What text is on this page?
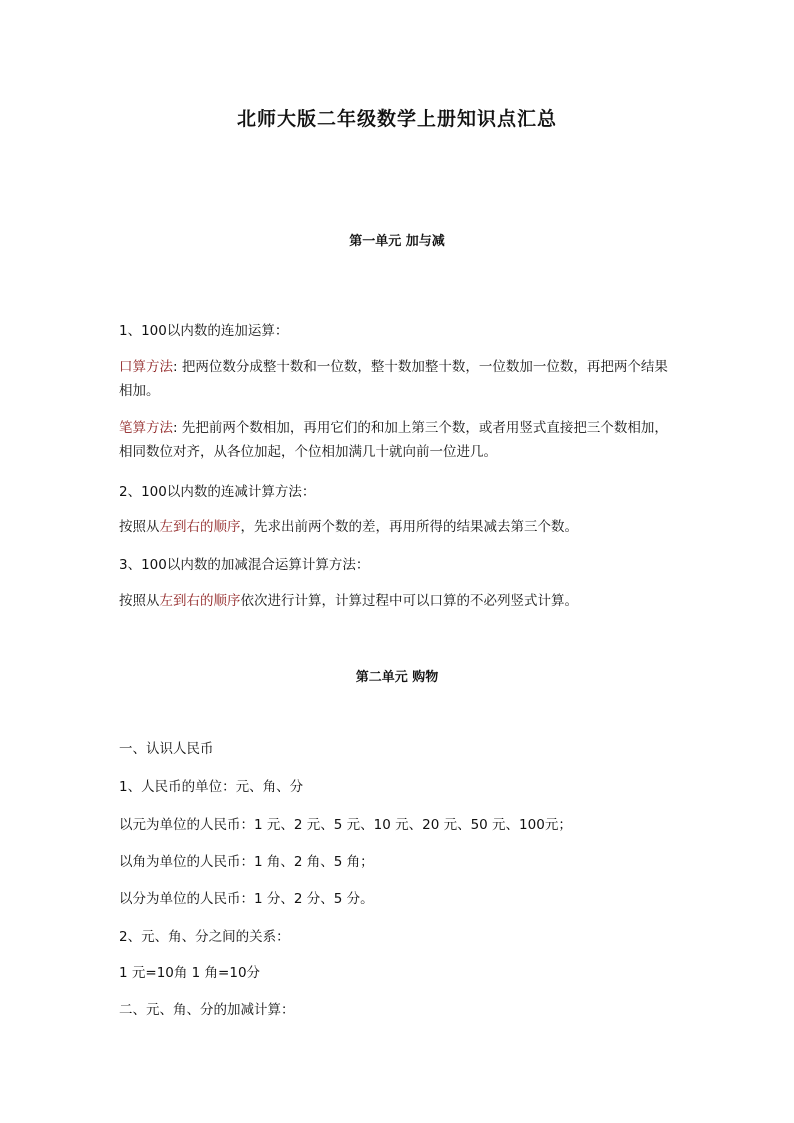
北师大版二年级数学上册知识点汇总
第一单元 加与减
1、100以内数的连加运算：
口算方法: 把两位数分成整十数和一位数，整十数加整十数，一位数加一位数，再把两个结果相加。
笔算方法: 先把前两个数相加，再用它们的和加上第三个数，或者用竖式直接把三个数相加，相同数位对齐，从各位加起，个位相加满几十就向前一位进几。
2、100以内数的连减计算方法：
按照从左到右的顺序，先求出前两个数的差，再用所得的结果减去第三个数。
3、100以内数的加减混合运算计算方法：
按照从左到右的顺序依次进行计算，计算过程中可以口算的不必列竖式计算。
第二单元 购物
一、认识人民币
1、人民币的单位：元、角、分
以元为单位的人民币：1 元、2 元、5 元、10 元、20 元、50 元、100元；
以角为单位的人民币：1 角、2 角、5 角；
以分为单位的人民币：1 分、2 分、5 分。
2、元、角、分之间的关系：
1 元=10角 1 角=10分
二、元、角、分的加减计算：
